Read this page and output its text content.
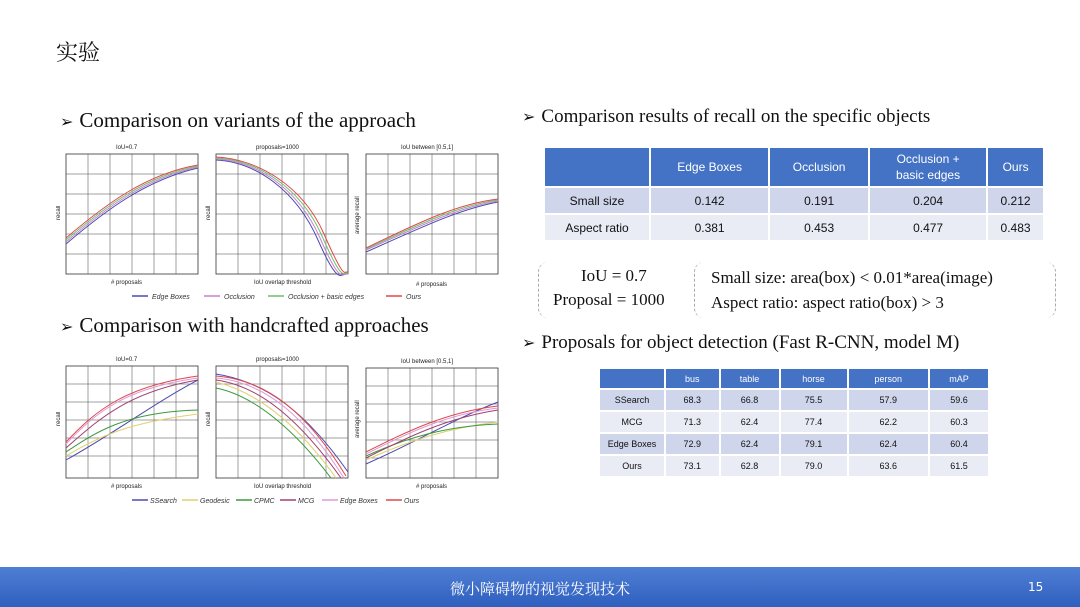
实验
➢ Comparison on variants of the approach
IoU=0.7
# proposals
recall
proposals=1000
IoU overlap threshold
recall
IoU between [0.5,1]
# proposals
average recall
Edge Boxes	Occlusion	Occlusion + basic edges	Ours
➢ Comparison with handcrafted approaches
IoU=0.7
# proposals
recall
proposals=1000
IoU overlap threshold
recall
IoU between [0.5,1]
# proposals
average recall
SSearch	Geodesic	CPMC	MCG	Edge Boxes	Ours
➢ Comparison results of recall on the specific objects
	Edge Boxes	Occlusion	Occlusion +
basic edges	Ours
Small size	0.142	0.191	0.204	0.212
Aspect ratio	0.381	0.453	0.477	0.483
IoU = 0.7
Proposal = 1000
Small size: area(box) < 0.01*area(image)
Aspect ratio: aspect ratio(box) > 3
➢ Proposals for object detection (Fast R-CNN, model M)
	bus	table	horse	person	mAP
SSearch	68.3	66.8	75.5	57.9	59.6
MCG	71.3	62.4	77.4	62.2	60.3
Edge Boxes	72.9	62.4	79.1	62.4	60.4
Ours	73.1	62.8	79.0	63.6	61.5
微小障碍物的视觉发现技术	15
